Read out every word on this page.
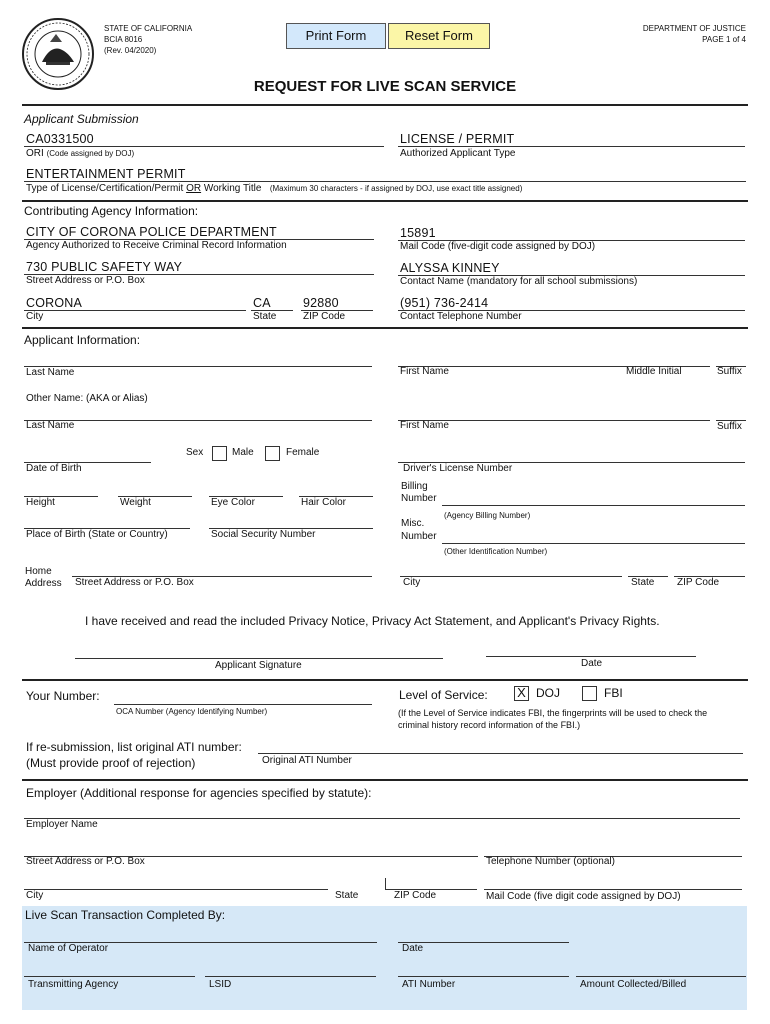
STATE OF CALIFORNIA
BCIA 8016
(Rev. 04/2020)
Print Form	Reset Form	DEPARTMENT OF JUSTICE
PAGE 1 of 4
REQUEST FOR LIVE SCAN SERVICE
Applicant Submission
CA0331500
ORI (Code assigned by DOJ)
LICENSE / PERMIT
Authorized Applicant Type
ENTERTAINMENT PERMIT
Type of License/Certification/Permit OR Working Title (Maximum 30 characters - if assigned by DOJ, use exact title assigned)
Contributing Agency Information:
CITY OF CORONA POLICE DEPARTMENT
Agency Authorized to Receive Criminal Record Information
15891
Mail Code (five-digit code assigned by DOJ)
730 PUBLIC SAFETY WAY
Street Address or P.O. Box
ALYSSA KINNEY
Contact Name (mandatory for all school submissions)
CORONA
City
CA
State
92880
ZIP Code
(951) 736-2414
Contact Telephone Number
Applicant Information:
Last Name	First Name	Middle Initial	Suffix
Other Name: (AKA or Alias)
Last Name	First Name	Suffix
Sex	Male	Female
Date of Birth	Driver's License Number
Billing
Number
(Agency Billing Number)
Height	Weight	Eye Color	Hair Color
Place of Birth (State or Country)	Social Security Number
Misc.
Number
(Other Identification Number)
Home
Address Street Address or P.O. Box	City	State ZIP Code
I have received and read the included Privacy Notice, Privacy Act Statement, and Applicant's Privacy Rights.
Applicant Signature	Date
Your Number:
OCA Number (Agency Identifying Number)
Level of Service: X DOJ	FBI
(If the Level of Service indicates FBI, the fingerprints will be used to check the
criminal history record information of the FBI.)
If re-submission, list original ATI number:
(Must provide proof of rejection)	Original ATI Number
Employer (Additional response for agencies specified by statute):
Employer Name
Street Address or P.O. Box	Telephone Number (optional)
City	State	ZIP Code	Mail Code (five digit code assigned by DOJ)
Live Scan Transaction Completed By:
Name of Operator	Date
Transmitting Agency	LSID	ATI Number	Amount Collected/Billed
